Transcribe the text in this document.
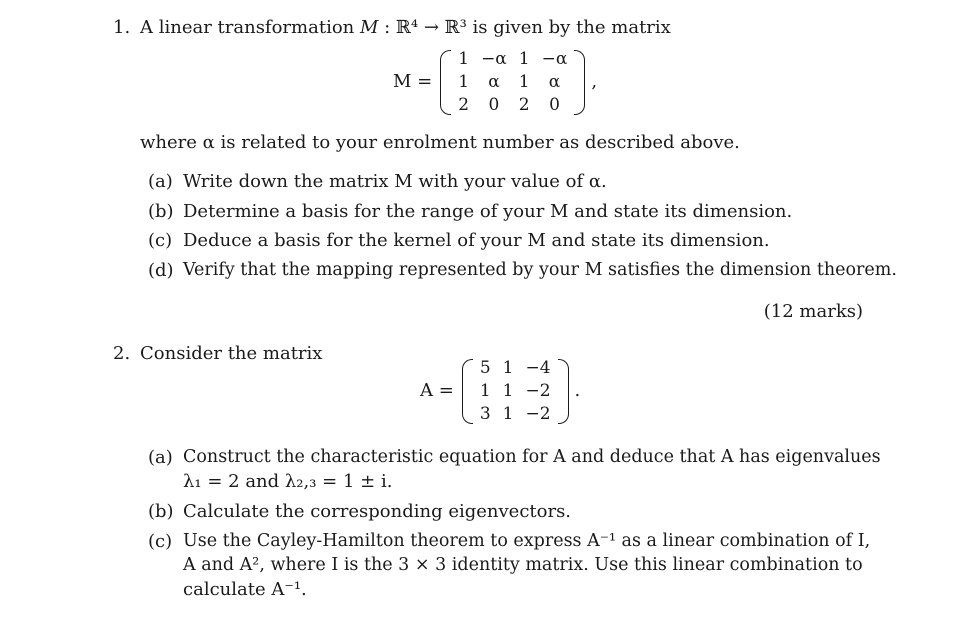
1. A linear transformation M : ℝ⁴ → ℝ³ is given by the matrix
M =
1	−α	1	−α
1	α	1	α
2	0	2	0
,
where α is related to your enrolment number as described above.
(a) Write down the matrix M with your value of α.
(b) Determine a basis for the range of your M and state its dimension.
(c) Deduce a basis for the kernel of your M and state its dimension.
(d) Verify that the mapping represented by your M satisfies the dimension theorem.
(12 marks)
2. Consider the matrix
A =
5	1	−4
1	1	−2
3	1	−2
.
(a) Construct the characteristic equation for A and deduce that A has eigenvalues
λ₁ = 2 and λ₂,₃ = 1 ± i.
(b) Calculate the corresponding eigenvectors.
(c) Use the Cayley-Hamilton theorem to express A⁻¹ as a linear combination of I,
A and A², where I is the 3 × 3 identity matrix. Use this linear combination to
calculate A⁻¹.
